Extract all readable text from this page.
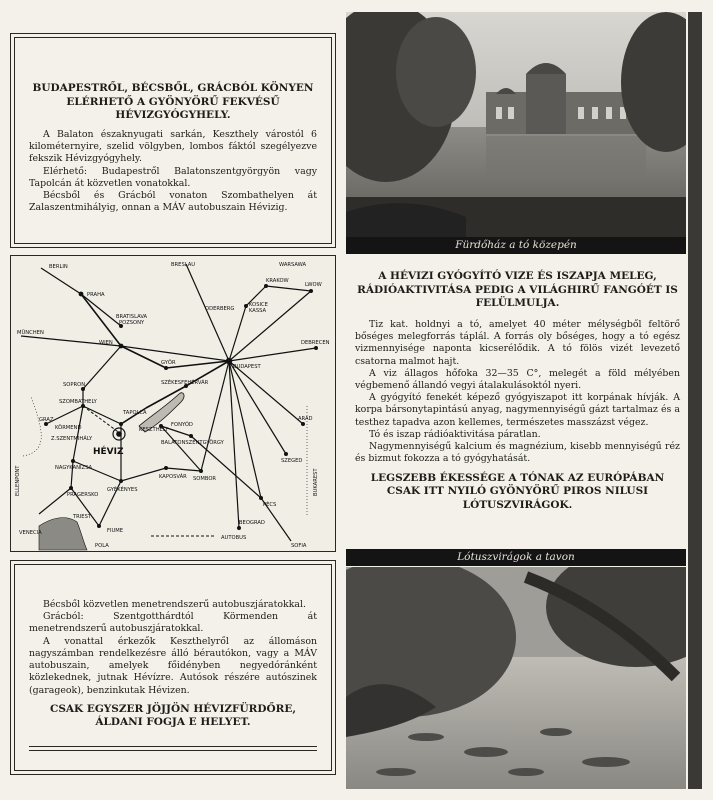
BUDAPESTRŐL, BÉCSBŐL, GRÁCBÓL KÖNYEN ELÉRHETŐ A GYÖNYÖRŰ FEKVÉSŰ HÉVIZGYÓGYHELY.

A Balaton északnyugati sarkán, Keszthely várostól 6 kilométernyire, szelid völgyben, lombos fáktól szegélyezve fekszik Hévizgyógyhely.

Elérhető: Budapestről Balatonszentgyörgyön vagy Tapolcán át közvetlen vonatokkal.

Bécsből és Grácból vonaton Szombathelyen át Zalaszentmihályig, onnan a MÁV autobuszain Hévizig.

BERLIN	BRESLAU	WARSAWA
PRAHA
KRAKOW
LWOW
BRATISLAVA
POZSONY
ODERBERG
KOSICE
KASSA
MÜNCHEN
WIEN
GYŐR
DEBRECEN
BUDAPEST
SOPRON	SZÉKESFEHÉRVÁR
SZOMBATHELY
GRAZ
TAPOLCA
KÖRMEND
Z.SZENTMIHÁLY
KESZTHELY
FONYÓD
ARAD
HÉVIZ
SZEGED
NAGYKANIZSA
SOMBOR
GYÉKÉNYES
KAPOSVÁR
PRAGERSKO
PÉCS
BUKAREST
BEOGRAD
TRIEST
VENECIA	FIUME
POLA	SOFIA
ELLENPONT
BALATONSZENTGYÖRGY
AUTOBUS

Bécsből közvetlen menetrendszerű autobuszjáratokkal.

Grácból: Szentgotthárdtól Körmenden át menetrendszerű autobuszjáratokkal.

A vonattal érkezők Keszthelyről az állomáson nagyszámban rendelkezésre álló bérautókon, vagy a MÁV autobuszain, amelyek főidényben negyedóránként közlekednek, jutnak Hévízre. Autósok részére autószinek (garageok), benzinkutak Hévizen.

CSAK EGYSZER JÖJJÖN HÉVIZFÜRDŐRE, ÁLDANI FOGJA E HELYET.

Fürdőház a tó közepén

A HÉVIZI GYÓGYÍTÓ VIZE ÉS ISZAPJA MELEG, RÁDIÓAKTIVITÁSA PEDIG A VILÁGHIRŰ FANGÓÉT IS FELÜLMULJA.

Tiz kat. holdnyi a tó, amelyet 40 méter mélységből feltörő bőséges melegforrás táplál. A forrás oly bőséges, hogy a tó egész vizmennyisége naponta kicserélődik. A tó fölös vizét levezető csatorna malmot hajt.

A viz állagos hőfoka 32—35 C°, melegét a föld mélyében végbemenő állandó vegyi átalakulásoktól nyeri.

A gyógyító fenekét képező gyógyiszapot itt korpának hívják. A korpa bársonytapintású anyag, nagymennyiségű gázt tartalmaz és a testhez tapadva azon kellemes, természetes masszázst végez.

Tó és iszap rádióaktivitása páratlan.

Nagymennyiségű kalcium és magnézium, kisebb mennyiségű réz és bizmut fokozza a tó gyógyhatását.

LEGSZEBB ÉKESSÉGE A TÓNAK AZ EURÓPÁBAN CSAK ITT NYILÓ GYÖNYÖRŰ PIROS NILUSI LÓTUSZVIRÁGOK.

Lótuszvirágok a tavon
